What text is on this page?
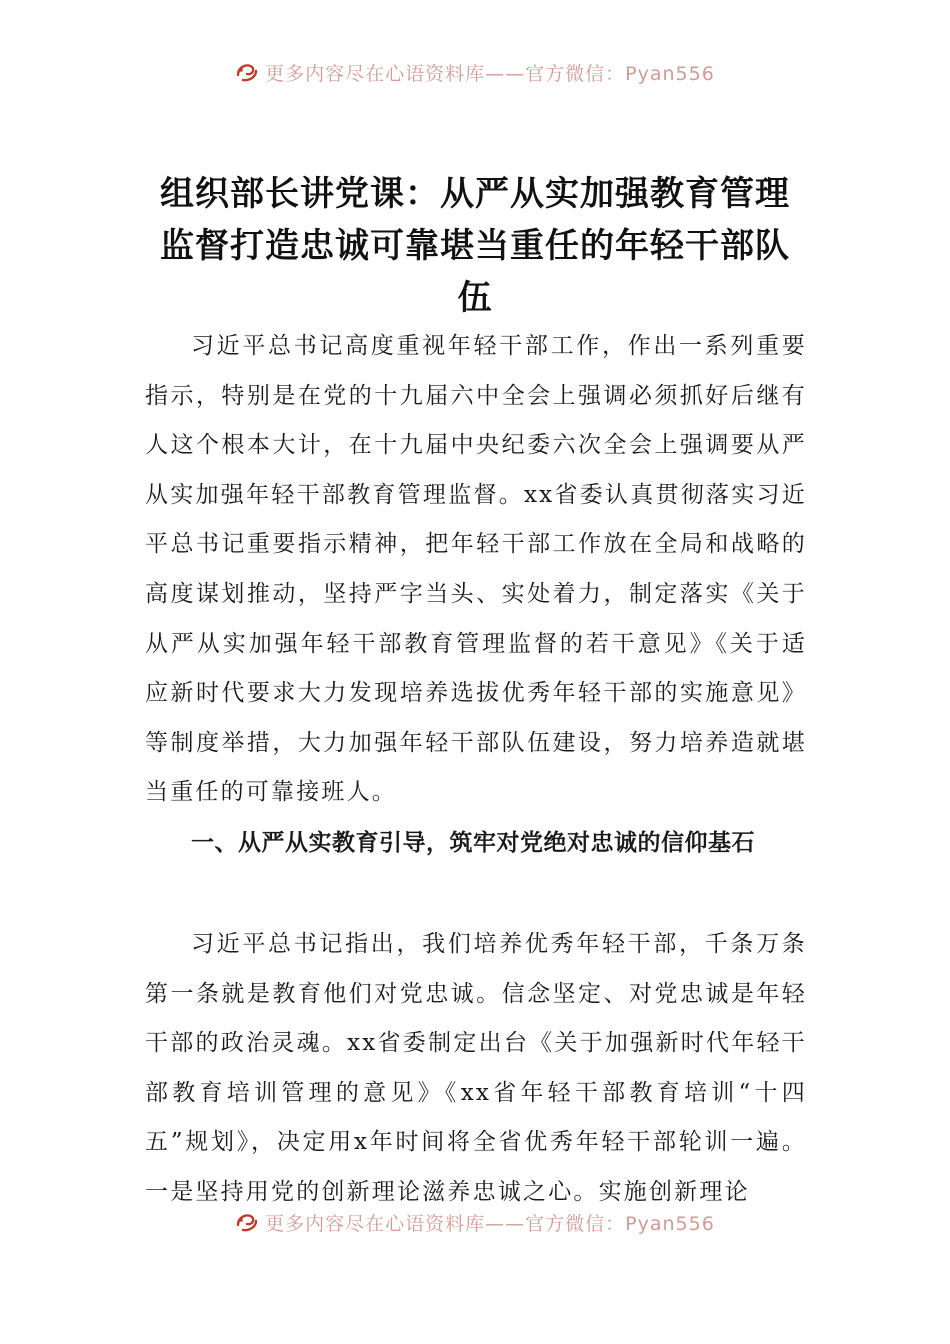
更多内容尽在心语资料库——官方微信：Pyan556
组织部长讲党课：从严从实加强教育管理监督打造忠诚可靠堪当重任的年轻干部队伍

习近平总书记高度重视年轻干部工作，作出一系列重要指示，特别是在党的十九届六中全会上强调必须抓好后继有人这个根本大计，在十九届中央纪委六次全会上强调要从严从实加强年轻干部教育管理监督。xx省委认真贯彻落实习近平总书记重要指示精神，把年轻干部工作放在全局和战略的高度谋划推动，坚持严字当头、实处着力，制定落实《关于从严从实加强年轻干部教育管理监督的若干意见》《关于适应新时代要求大力发现培养选拔优秀年轻干部的实施意见》等制度举措，大力加强年轻干部队伍建设，努力培养造就堪当重任的可靠接班人。

一、从严从实教育引导，筑牢对党绝对忠诚的信仰基石

习近平总书记指出，我们培养优秀年轻干部，千条万条第一条就是教育他们对党忠诚。信念坚定、对党忠诚是年轻干部的政治灵魂。xx省委制定出台《关于加强新时代年轻干部教育培训管理的意见》《xx省年轻干部教育培训“十四五”规划》，决定用x年时间将全省优秀年轻干部轮训一遍。一是坚持用党的创新理论滋养忠诚之心。实施创新理论

更多内容尽在心语资料库——官方微信：Pyan556
